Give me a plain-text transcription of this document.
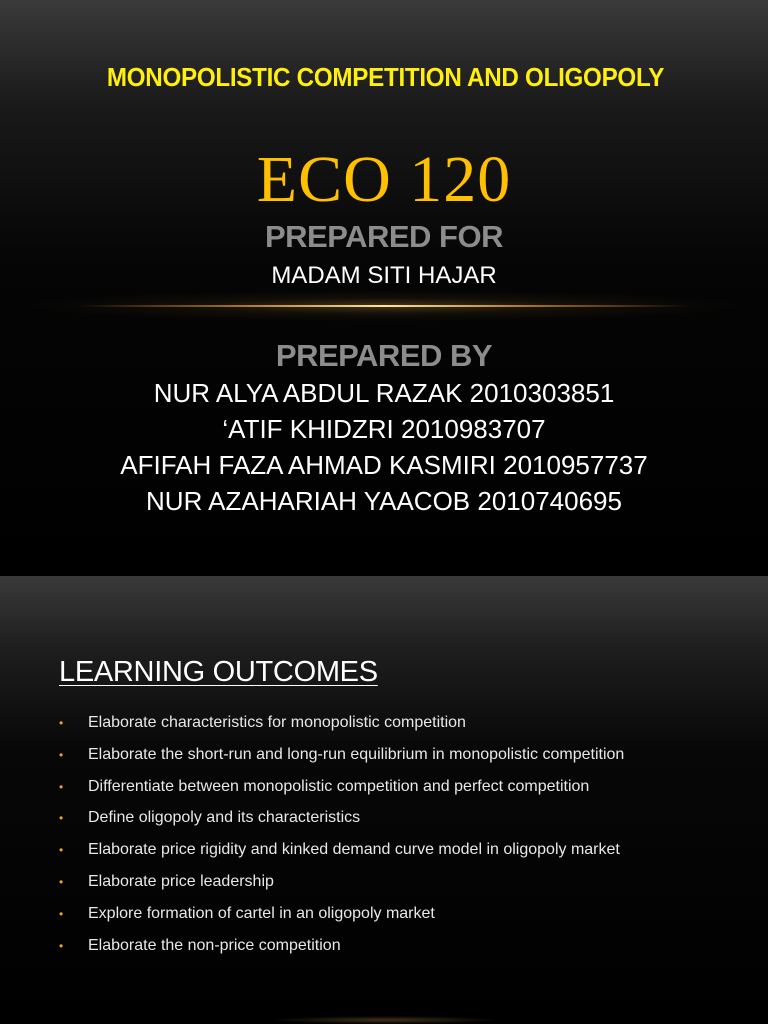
MONOPOLISTIC COMPETITION AND OLIGOPOLY
ECO 120
PREPARED FOR
MADAM SITI HAJAR
PREPARED BY
NUR ALYA ABDUL RAZAK 2010303851
‘ATIF KHIDZRI 2010983707
AFIFAH FAZA AHMAD KASMIRI 2010957737
NUR AZAHARIAH YAACOB 2010740695
LEARNING OUTCOMES
• Elaborate characteristics for monopolistic competition
• Elaborate the short-run and long-run equilibrium in monopolistic competition
• Differentiate between monopolistic competition and perfect competition
• Define oligopoly and its characteristics
• Elaborate price rigidity and kinked demand curve model in oligopoly market
• Elaborate price leadership
• Explore formation of cartel in an oligopoly market
• Elaborate the non-price competition
